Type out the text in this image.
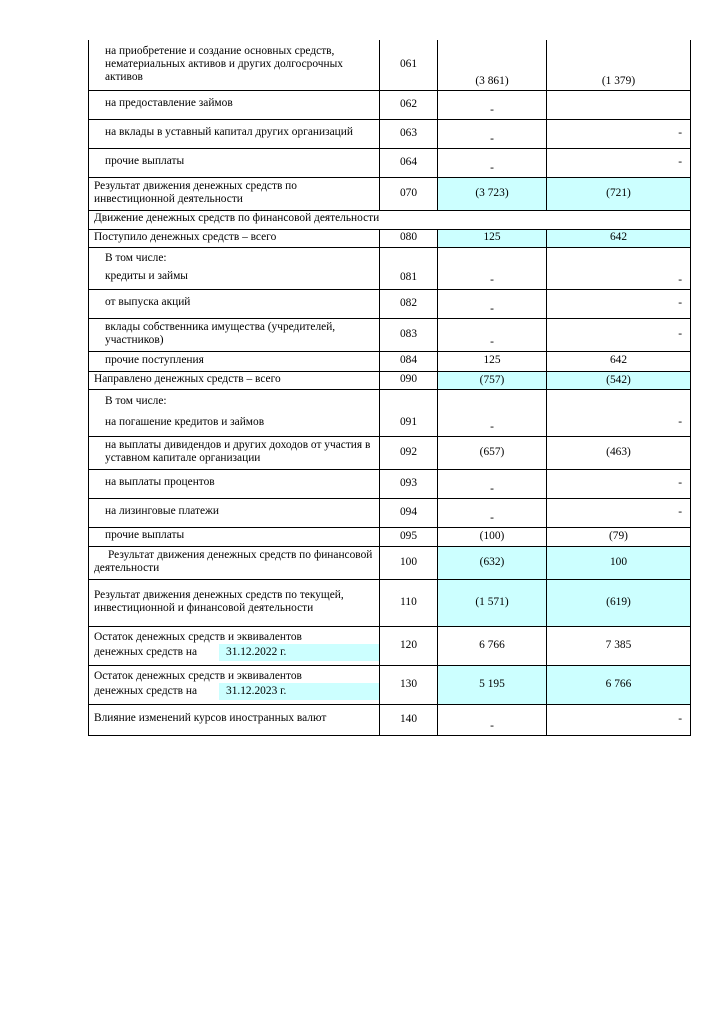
на приобретение и создание основных средств, нематериальных активов и других долгосрочных активов	061	(3 861)	(1 379)
на предоставление займов	062	-	
на вклады в уставный капитал других организаций	063	-	-
прочие выплаты	064	-	-
Результат движения денежных средств по инвестиционной деятельности	070	(3 723)	(721)
Движение денежных средств по финансовой деятельности			
Поступило денежных средств – всего	080	125	642

В том числе:
кредиты и займы	081	-	-
от выпуска акций	082	-	-
вклады собственника имущества (учредителей, участников)	083	-	-
прочие поступления	084	125	642
Направлено денежных средств – всего	090	(757)	(542)

В том числе:
на погашение кредитов и займов	091	-	-
на выплаты дивидендов и других доходов от участия в уставном капитале организации	092	(657)	(463)
на выплаты процентов	093	-	-
на лизинговые платежи	094	-	-
прочие выплаты	095	(100)	(79)
Результат движения денежных средств по финансовой деятельности	100	(632)	100
Результат движения денежных средств по текущей, инвестиционной и финансовой деятельности	110	(1 571)	(619)

Остаток денежных средств и эквивалентов
денежных средств на 31.12.2022 г.	120	6 766	7 385

Остаток денежных средств и эквивалентов
денежных средств на 31.12.2023 г.	130	5 195	6 766
Влияние изменений курсов иностранных валют	140	-	-
